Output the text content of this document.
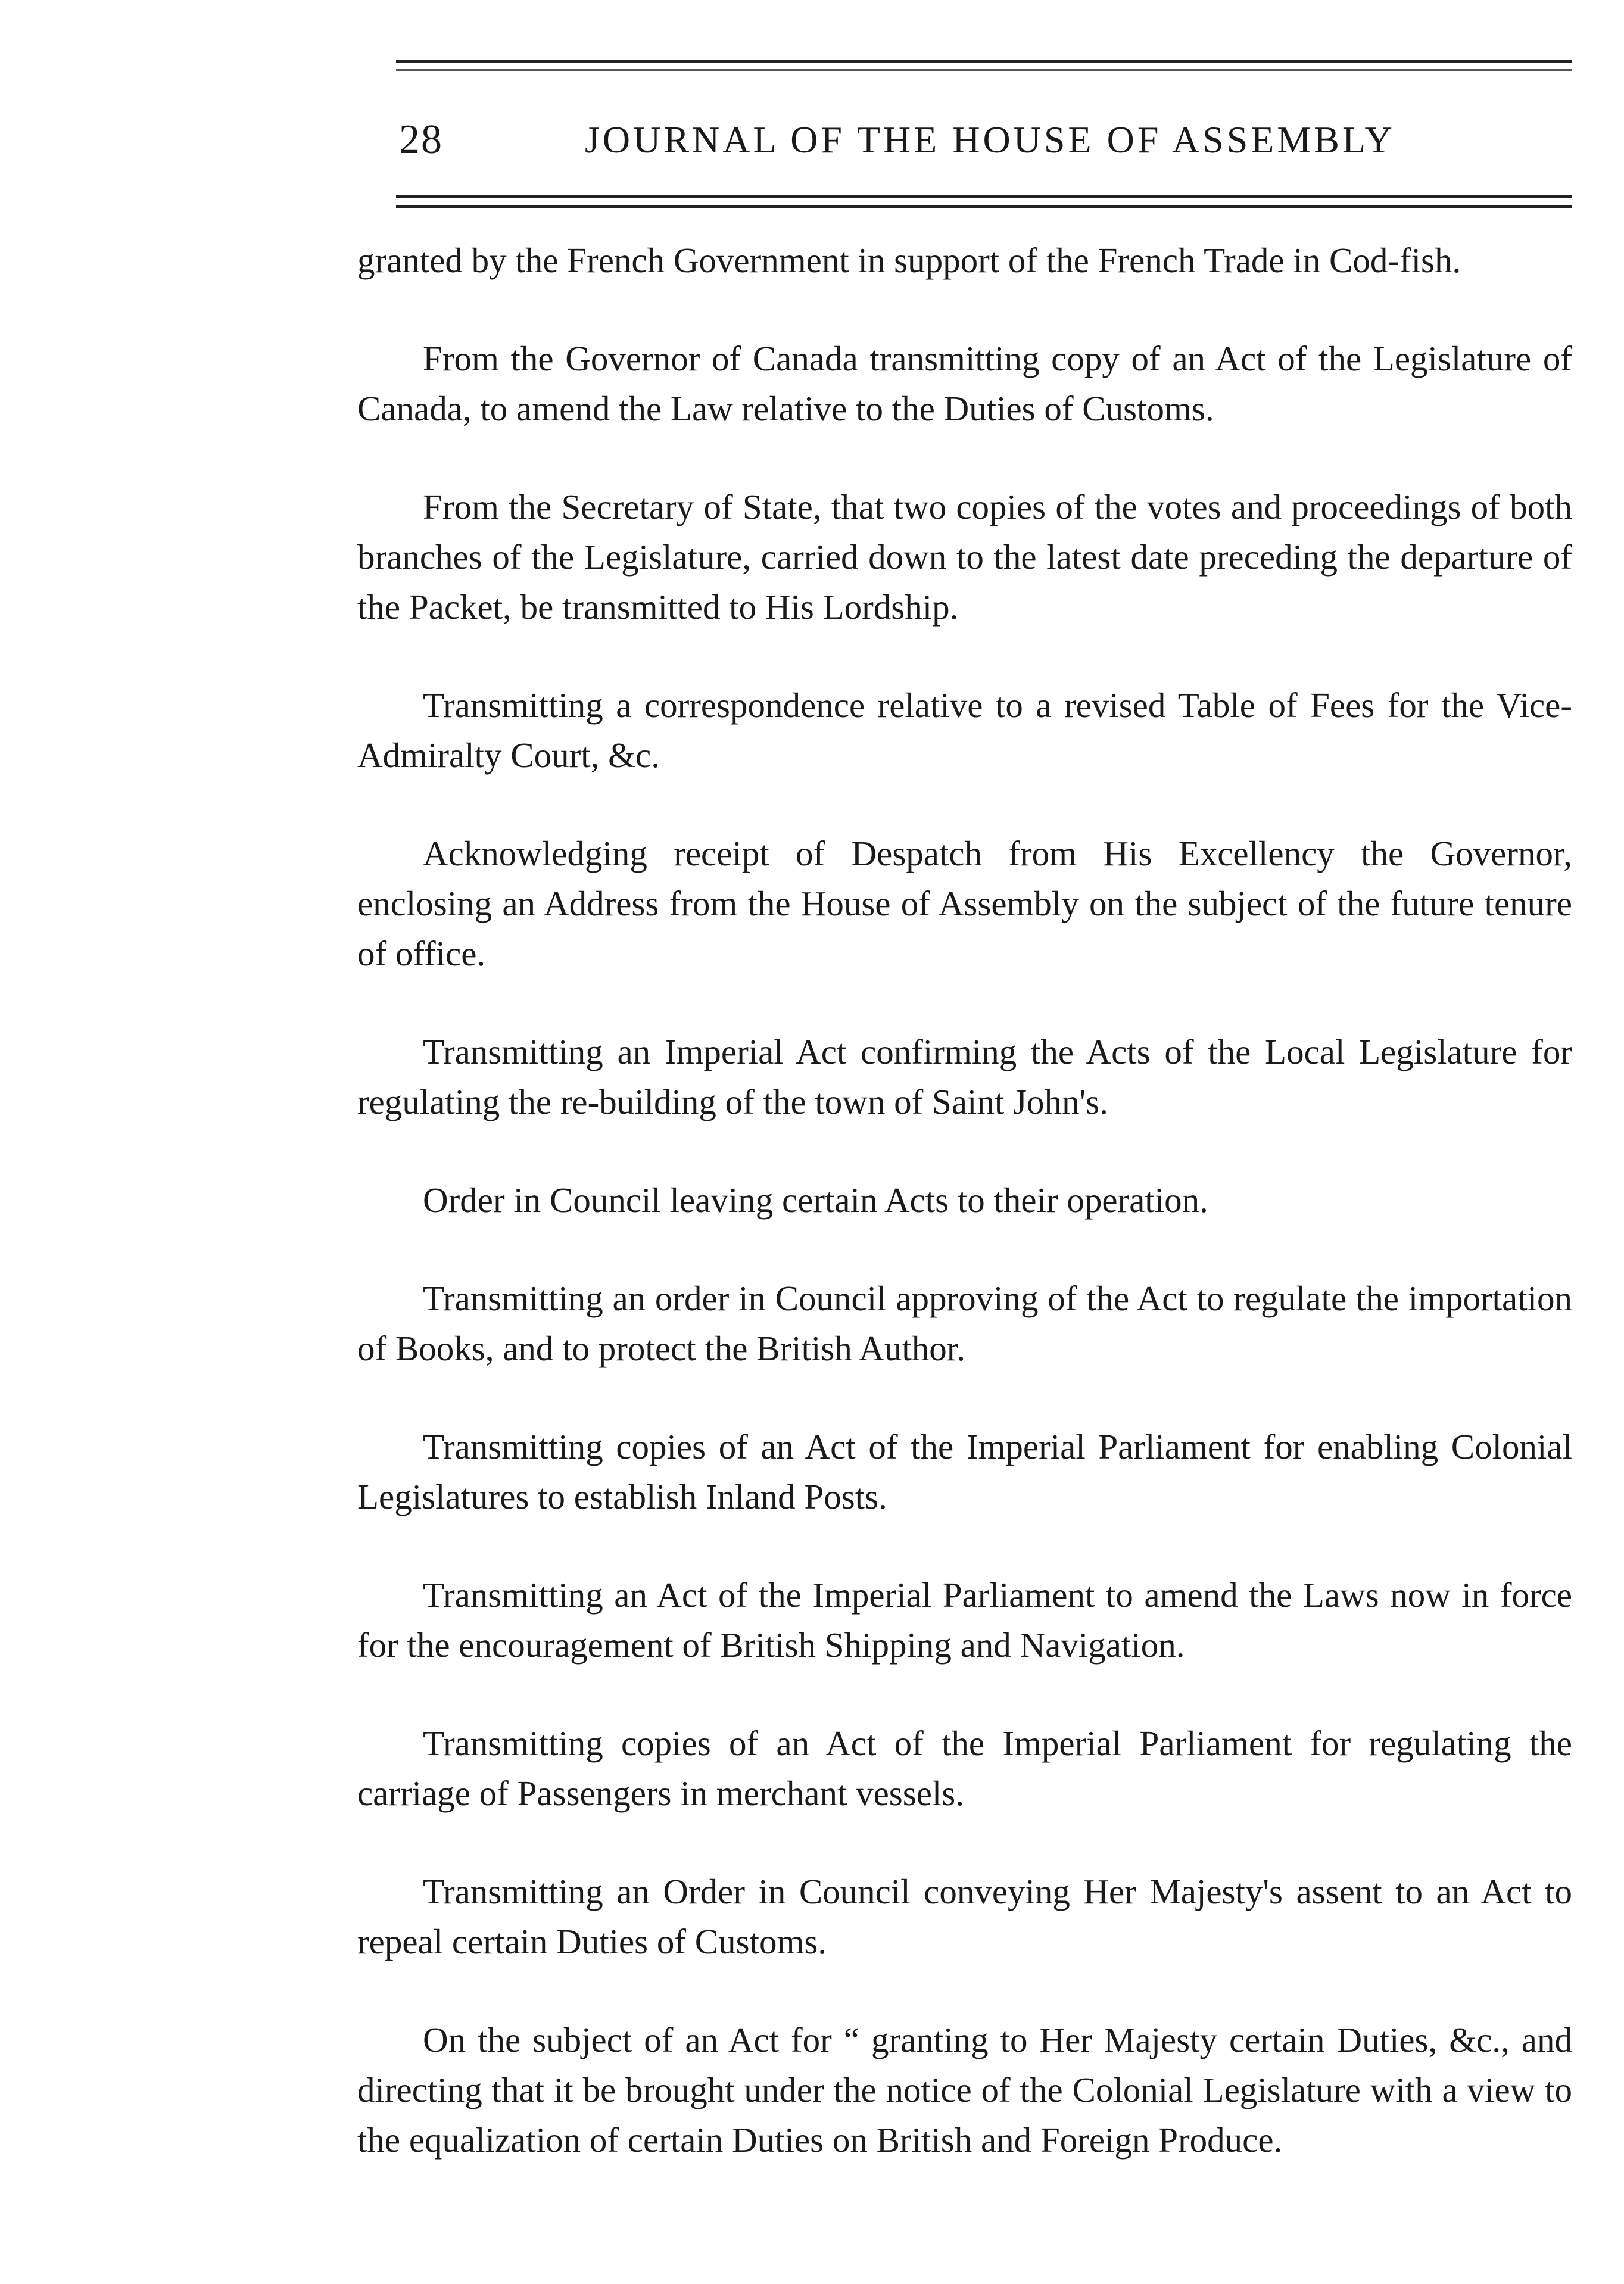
28	JOURNAL OF THE HOUSE OF ASSEMBLY

granted by the French Government in support of the French Trade in Cod-fish.

From the Governor of Canada transmitting copy of an Act of the Legislature of Canada, to amend the Law relative to the Duties of Customs.

From the Secretary of State, that two copies of the votes and proceedings of both branches of the Legislature, carried down to the latest date preceding the departure of the Packet, be transmitted to His Lordship.

Transmitting a correspondence relative to a revised Table of Fees for the Vice-Admiralty Court, &c.

Acknowledging receipt of Despatch from His Excellency the Governor, enclosing an Address from the House of Assembly on the subject of the future tenure of office.

Transmitting an Imperial Act confirming the Acts of the Local Legislature for regulating the re-building of the town of Saint John's.

Order in Council leaving certain Acts to their operation.

Transmitting an order in Council approving of the Act to regulate the importation of Books, and to protect the British Author.

Transmitting copies of an Act of the Imperial Parliament for enabling Colonial Legislatures to establish Inland Posts.

Transmitting an Act of the Imperial Parliament to amend the Laws now in force for the encouragement of British Shipping and Navigation.

Transmitting copies of an Act of the Imperial Parliament for regulating the carriage of Passengers in merchant vessels.

Transmitting an Order in Council conveying Her Majesty's assent to an Act to repeal certain Duties of Customs.

On the subject of an Act for “ granting to Her Majesty certain Duties, &c., and directing that it be brought under the notice of the Colonial Legislature with a view to the equalization of certain Duties on British and Foreign Produce.
